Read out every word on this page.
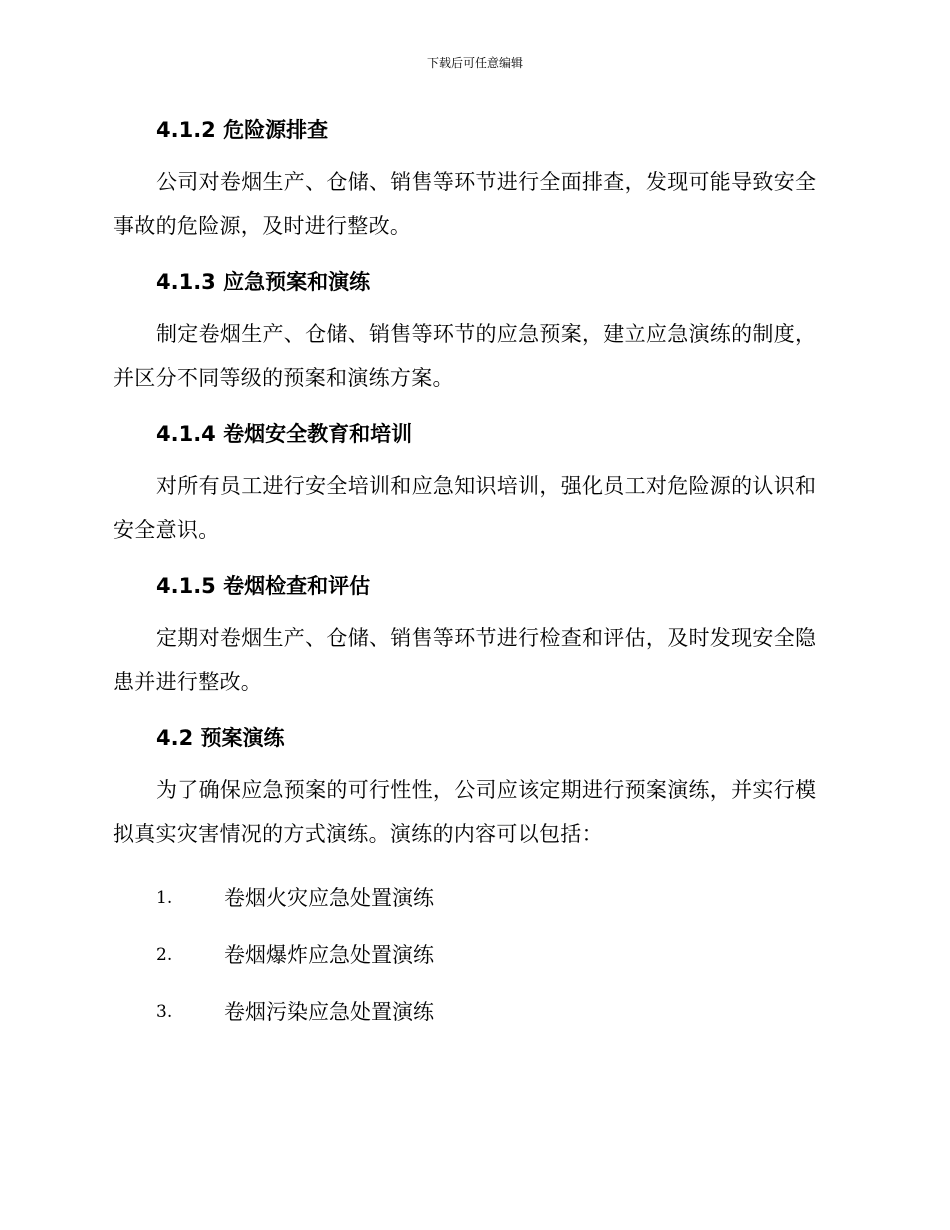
下载后可任意编辑
4.1.2 危险源排查

公司对卷烟生产、仓储、销售等环节进行全面排查，发现可能导致安全事故的危险源，及时进行整改。

4.1.3 应急预案和演练

制定卷烟生产、仓储、销售等环节的应急预案，建立应急演练的制度，并区分不同等级的预案和演练方案。

4.1.4 卷烟安全教育和培训

对所有员工进行安全培训和应急知识培训，强化员工对危险源的认识和安全意识。

4.1.5 卷烟检查和评估

定期对卷烟生产、仓储、销售等环节进行检查和评估，及时发现安全隐患并进行整改。

4.2 预案演练

为了确保应急预案的可行性性，公司应该定期进行预案演练，并实行模拟真实灾害情况的方式演练。演练的内容可以包括：

1. 卷烟火灾应急处置演练
2. 卷烟爆炸应急处置演练
3. 卷烟污染应急处置演练
